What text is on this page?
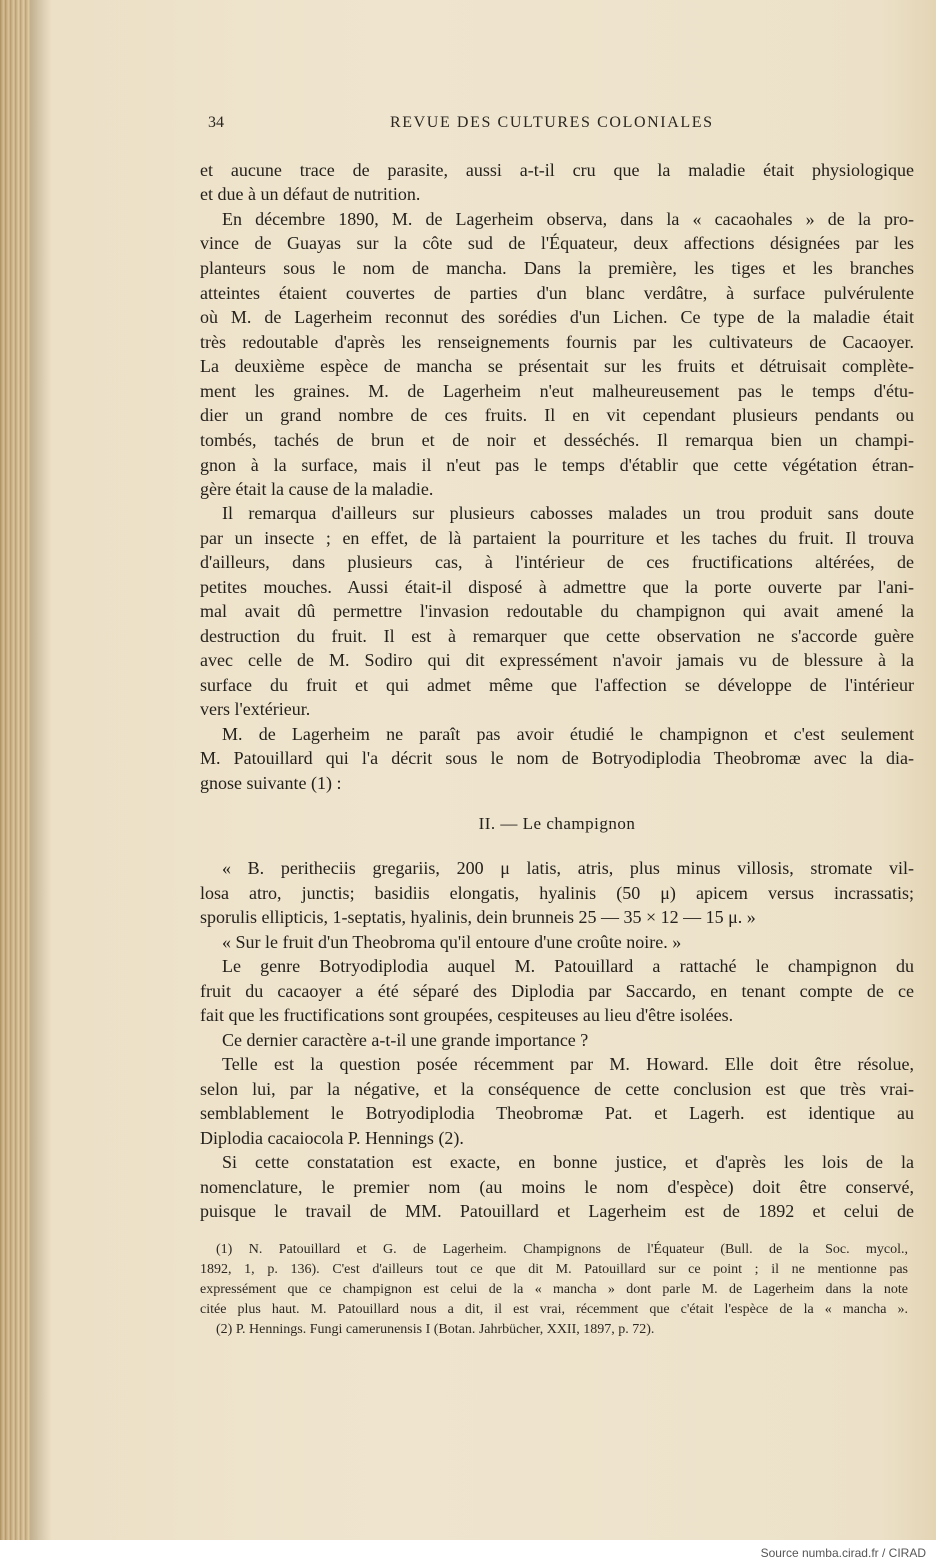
34	REVUE DES CULTURES COLONIALES
et aucune trace de parasite, aussi a-t-il cru que la maladie était physiologique
et due à un défaut de nutrition.
En décembre 1890, M. de Lagerheim observa, dans la « cacaohales » de la pro-
vince de Guayas sur la côte sud de l'Équateur, deux affections désignées par les
planteurs sous le nom de mancha. Dans la première, les tiges et les branches
atteintes étaient couvertes de parties d'un blanc verdâtre, à surface pulvérulente
où M. de Lagerheim reconnut des sorédies d'un Lichen. Ce type de la maladie était
très redoutable d'après les renseignements fournis par les cultivateurs de Cacaoyer.
La deuxième espèce de mancha se présentait sur les fruits et détruisait complète-
ment les graines. M. de Lagerheim n'eut malheureusement pas le temps d'étu-
dier un grand nombre de ces fruits. Il en vit cependant plusieurs pendants ou
tombés, tachés de brun et de noir et desséchés. Il remarqua bien un champi-
gnon à la surface, mais il n'eut pas le temps d'établir que cette végétation étran-
gère était la cause de la maladie.
Il remarqua d'ailleurs sur plusieurs cabosses malades un trou produit sans doute
par un insecte ; en effet, de là partaient la pourriture et les taches du fruit. Il trouva
d'ailleurs, dans plusieurs cas, à l'intérieur de ces fructifications altérées, de
petites mouches. Aussi était-il disposé à admettre que la porte ouverte par l'ani-
mal avait dû permettre l'invasion redoutable du champignon qui avait amené la
destruction du fruit. Il est à remarquer que cette observation ne s'accorde guère
avec celle de M. Sodiro qui dit expressément n'avoir jamais vu de blessure à la
surface du fruit et qui admet même que l'affection se développe de l'intérieur
vers l'extérieur.
M. de Lagerheim ne paraît pas avoir étudié le champignon et c'est seulement
M. Patouillard qui l'a décrit sous le nom de Botryodiplodia Theobromæ avec la dia-
gnose suivante (1) :
II. — Le champignon
« B. peritheciis gregariis, 200 μ latis, atris, plus minus villosis, stromate vil-
losa atro, junctis; basidiis elongatis, hyalinis (50 μ) apicem versus incrassatis;
sporulis ellipticis, 1-septatis, hyalinis, dein brunneis 25 — 35 × 12 — 15 μ. »
« Sur le fruit d'un Theobroma qu'il entoure d'une croûte noire. »
Le genre Botryodiplodia auquel M. Patouillard a rattaché le champignon du
fruit du cacaoyer a été séparé des Diplodia par Saccardo, en tenant compte de ce
fait que les fructifications sont groupées, cespiteuses au lieu d'être isolées.
Ce dernier caractère a-t-il une grande importance ?
Telle est la question posée récemment par M. Howard. Elle doit être résolue,
selon lui, par la négative, et la conséquence de cette conclusion est que très vrai-
semblablement le Botryodiplodia Theobromæ Pat. et Lagerh. est identique au
Diplodia cacaiocola P. Hennings (2).
Si cette constatation est exacte, en bonne justice, et d'après les lois de la
nomenclature, le premier nom (au moins le nom d'espèce) doit être conservé,
puisque le travail de MM. Patouillard et Lagerheim est de 1892 et celui de
(1) N. Patouillard et G. de Lagerheim. Champignons de l'Équateur (Bull. de la Soc. mycol.,
1892, 1, p. 136). C'est d'ailleurs tout ce que dit M. Patouillard sur ce point ; il ne mentionne pas
expressément que ce champignon est celui de la « mancha » dont parle M. de Lagerheim dans la note
citée plus haut. M. Patouillard nous a dit, il est vrai, récemment que c'était l'espèce de la « mancha ».
(2) P. Hennings. Fungi camerunensis I (Botan. Jahrbücher, XXII, 1897, p. 72).
Source numba.cirad.fr / CIRAD
